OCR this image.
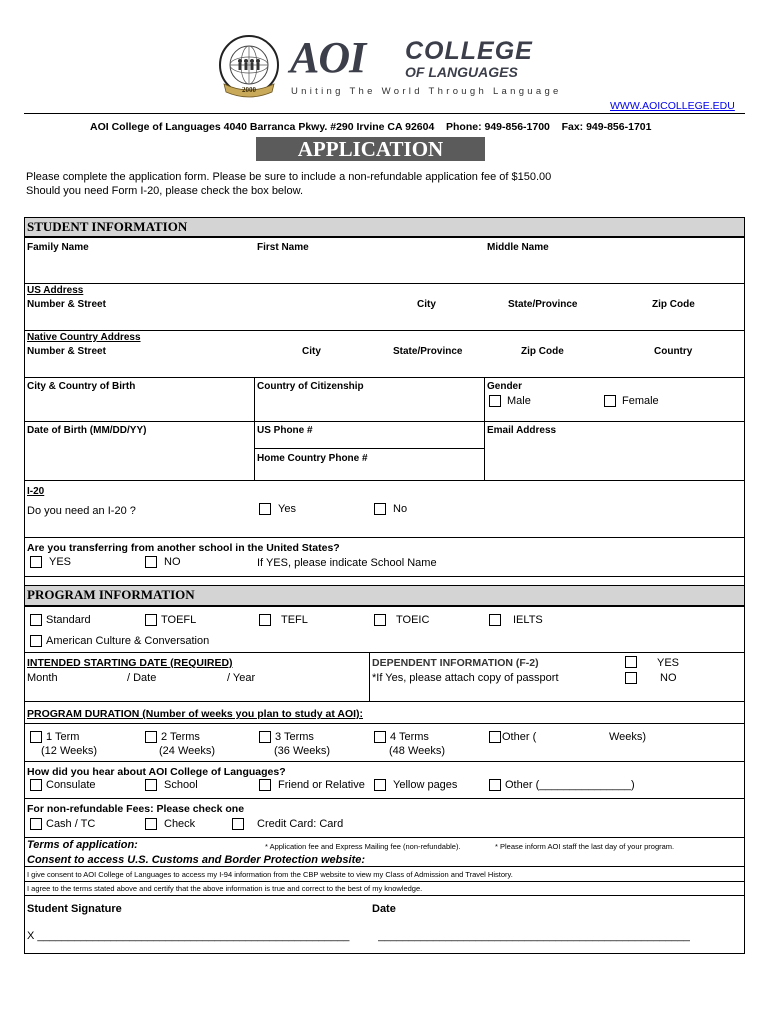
2000
AOI COLLEGE
OF LANGUAGES
Uniting The World Through Language
WWW.AOICOLLEGE.EDU
AOI College of Languages 4040 Barranca Pkwy. #290 Irvine CA 92604 Phone: 949-856-1700 Fax: 949-856-1701
APPLICATION
Please complete the application form. Please be sure to include a non-refundable application fee of $150.00
Should you need Form I-20, please check the box below.
STUDENT INFORMATION
Family Name	First Name	Middle Name
US Address
Number & Street	City	State/Province	Zip Code
Native Country Address
Number & Street	City	State/Province	Zip Code	Country
City & Country of Birth	Country of Citizenship	Gender
Male	Female
Date of Birth (MM/DD/YY)	US Phone #	Email Address
Home Country Phone #
I-20
Do you need an I-20 ?	Yes	No
Are you transferring from another school in the United States?
YES	NO	If YES, please indicate School Name
PROGRAM INFORMATION
Standard	TOEFL	TEFL	TOEIC	IELTS
American Culture & Conversation
INTENDED STARTING DATE (REQUIRED)
Month	/ Date	/ Year
DEPENDENT INFORMATION (F-2)
*If Yes, please attach copy of passport
YES
NO
PROGRAM DURATION (Number of weeks you plan to study at AOI):
1 Term
(12 Weeks)
2 Terms
(24 Weeks)
3 Terms
(36 Weeks)
4 Terms
(48 Weeks)
Other (	Weeks)
How did you hear about AOI College of Languages?
Consulate	School	Friend or Relative	Yellow pages	Other (_______________)
For non-refundable Fees: Please check one
Cash / TC	Check	Credit Card: Card
Terms of application:	* Application fee and Express Mailing fee (non-refundable).	* Please inform AOI staff the last day of your program.
Consent to access U.S. Customs and Border Protection website:
I give consent to AOI College of Languages to access my I-94 information from the CBP website to view my Class of Admission and Travel History.
I agree to the terms stated above and certify that the above information is true and correct to the best of my knowledge.
Student Signature	Date
X ___________________________________________________	___________________________________________________
